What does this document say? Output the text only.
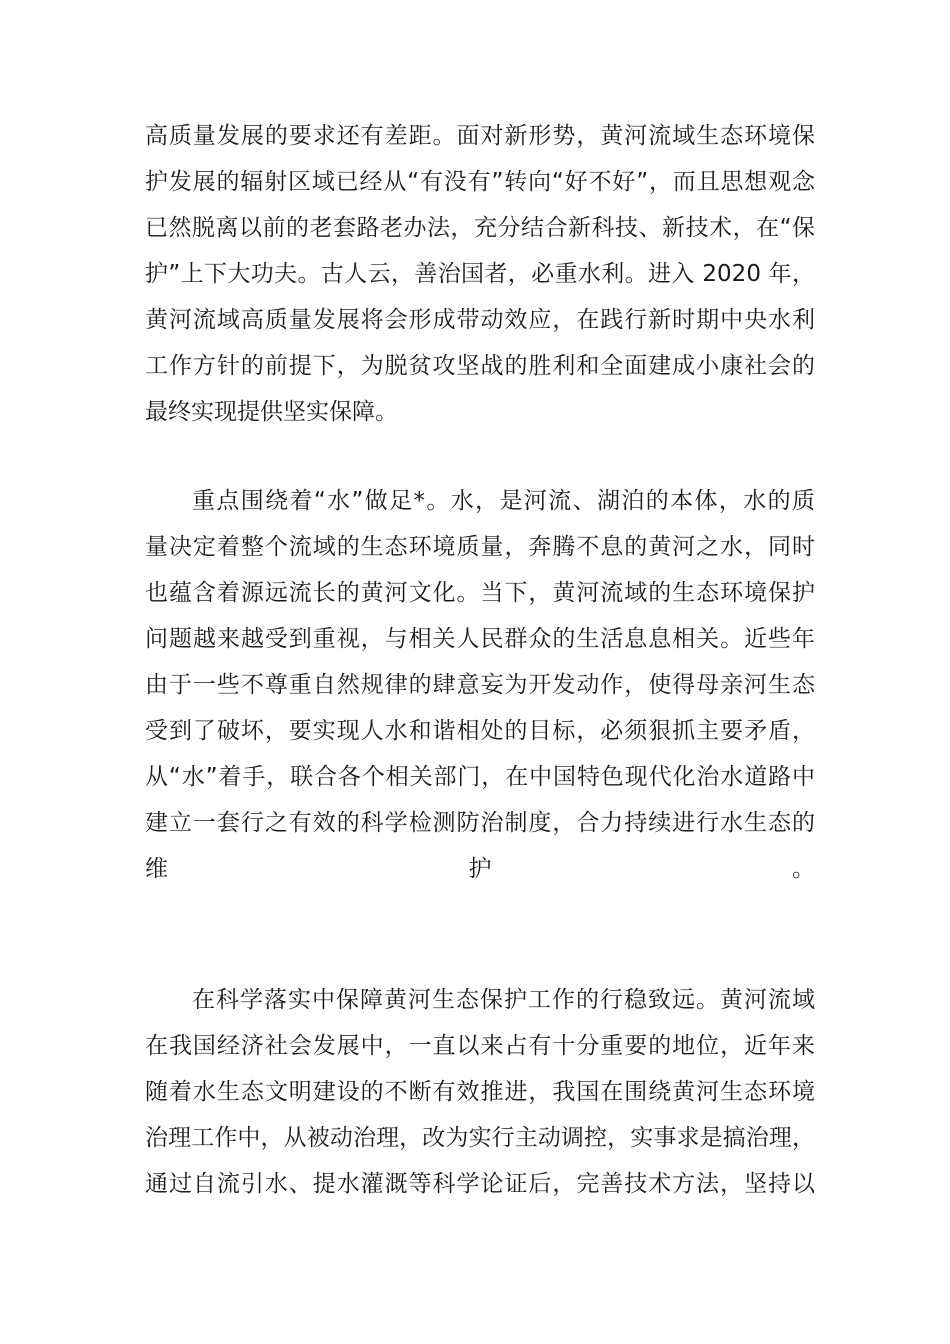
高质量发展的要求还有差距。面对新形势，黄河流域生态环境保
护发展的辐射区域已经从“有没有”转向“好不好”，而且思想观念
已然脱离以前的老套路老办法，充分结合新科技、新技术，在“保
护”上下大功夫。古人云，善治国者，必重水利。进入 2020 年，
黄河流域高质量发展将会形成带动效应，在践行新时期中央水利
工作方针的前提下，为脱贫攻坚战的胜利和全面建成小康社会的
最终实现提供坚实保障。
重点围绕着“水”做足*。水，是河流、湖泊的本体，水的质
量决定着整个流域的生态环境质量，奔腾不息的黄河之水，同时
也蕴含着源远流长的黄河文化。当下，黄河流域的生态环境保护
问题越来越受到重视，与相关人民群众的生活息息相关。近些年
由于一些不尊重自然规律的肆意妄为开发动作，使得母亲河生态
受到了破坏，要实现人水和谐相处的目标，必须狠抓主要矛盾，
从“水”着手，联合各个相关部门，在中国特色现代化治水道路中
建立一套行之有效的科学检测防治制度，合力持续进行水生态的
维护。
在科学落实中保障黄河生态保护工作的行稳致远。黄河流域
在我国经济社会发展中，一直以来占有十分重要的地位，近年来
随着水生态文明建设的不断有效推进，我国在围绕黄河生态环境
治理工作中，从被动治理，改为实行主动调控，实事求是搞治理，
通过自流引水、提水灌溉等科学论证后，完善技术方法，坚持以
